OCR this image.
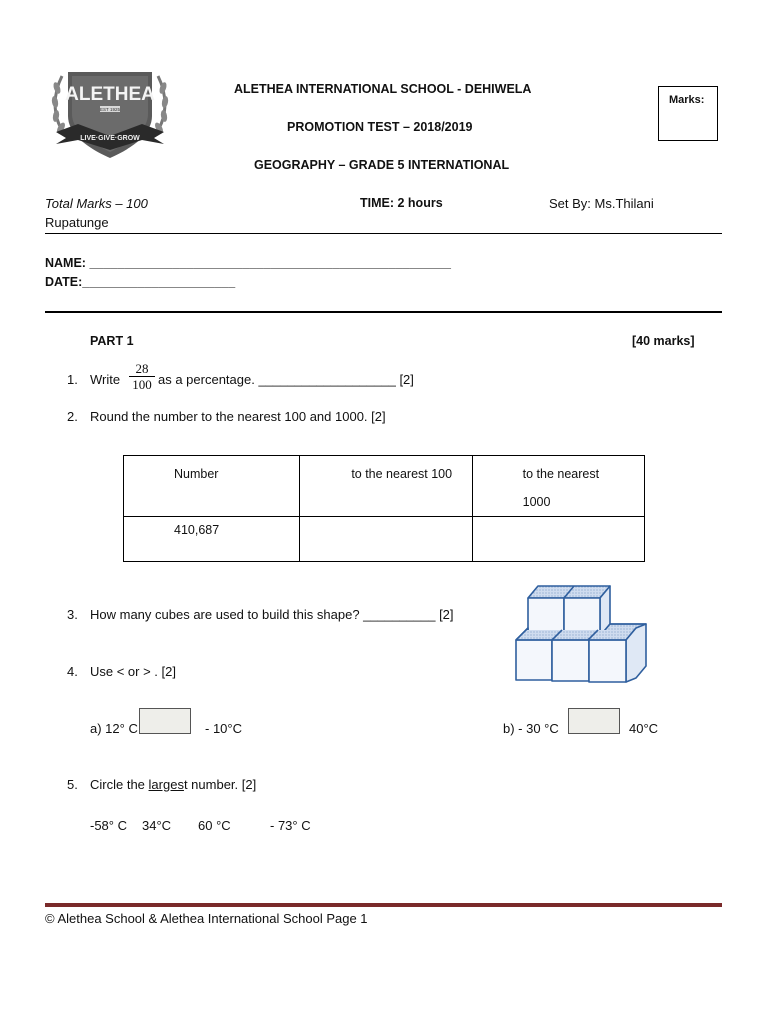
ALETHEA
EST 1925
LIVE·GIVE·GROW
ALETHEA INTERNATIONAL SCHOOL - DEHIWELA
PROMOTION TEST – 2018/2019
GEOGRAPHY – GRADE 5 INTERNATIONAL
Marks:
Total Marks – 100	TIME: 2 hours	Set By: Ms.Thilani
Rupatunge
NAME: ____________________________________________________
DATE:______________________
PART 1	[40 marks]
1. Write $\frac{28}{100}$ as a percentage. ___________________ [2]
2. Round the number to the nearest 100 and 1000. [2]
Number	to the nearest 100	to the nearest
1000

410,687		

3. How many cubes are used to build this shape? __________ [2]
4. Use < or > . [2]
a) 12° C	- 10°C	b) - 30 °C	40°C
5. Circle the largest number. [2]
-58° C 34°C 60 °C	- 73° C
© Alethea School & Alethea International School Page 1
